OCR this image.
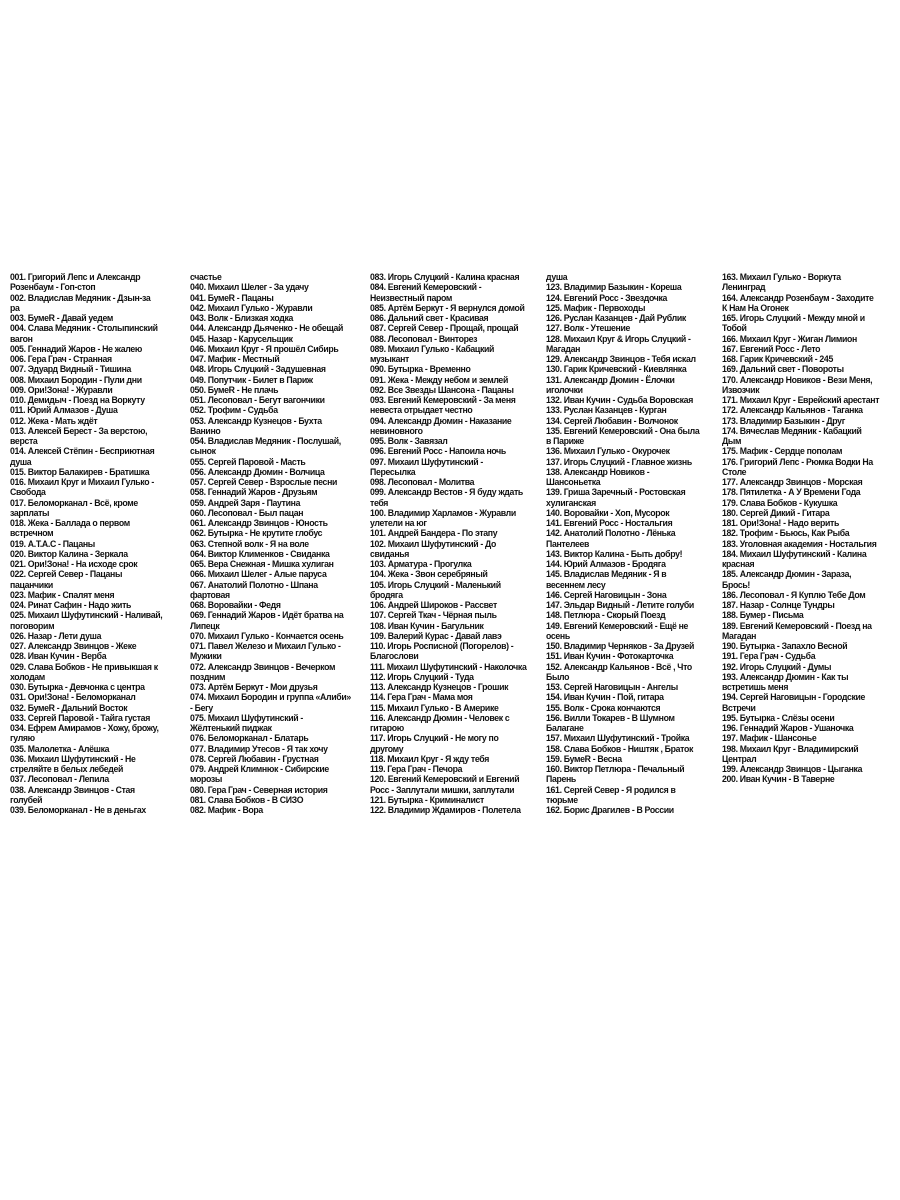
001. Григорий Лепс и Александр
Розенбаум - Гоп-стоп
002. Владислав Медяник - Дзын-за
ра
003. БумеR - Давай уедем
004. Слава Медяник - Столыпинский
вагон
005. Геннадий Жаров - Не жалею
006. Гера Грач - Странная
007. Эдуард Видный - Тишина
008. Михаил Бородин - Пули дни
009. Ори!Зона! - Журавли
010. Демидыч - Поезд на Воркуту
011. Юрий Алмазов - Душа
012. Жека - Мать ждёт
013. Алексей Берест - За верстою,
верста
014. Алексей Стёпин - Бесприютная
душа
015. Виктор Балакирев - Братишка
016. Михаил Круг и Михаил Гулько -
Свобода
017. Беломорканал - Всё, кроме
зарплаты
018. Жека - Баллада о первом
встречном
019. А.Т.А.С - Пацаны
020. Виктор Калина - Зеркала
021. Ори!Зона! - На исходе срок
022. Сергей Север - Пацаны
пацанчики
023. Мафик - Спалят меня
024. Ринат Сафин - Надо жить
025. Михаил Шуфутинский - Наливай,
поговорим
026. Назар - Лети душа
027. Александр Звинцов - Жеке
028. Иван Кучин - Верба
029. Слава Бобков - Не привыкшая к
холодам
030. Бутырка - Девчонка с центра
031. Ори!Зона! - Беломорканал
032. БумеR - Дальний Восток
033. Сергей Паровой - Тайга густая
034. Ефрем Амирамов - Хожу, брожу,
гуляю
035. Малолетка - Алёшка
036. Михаил Шуфутинский - Не
стреляйте в белых лебедей
037. Лесоповал - Лепила
038. Александр Звинцов - Стая
голубей
039. Беломорканал - Не в деньгах
счастье
040. Михаил Шелег - За удачу
041. БумеR - Пацаны
042. Михаил Гулько - Журавли
043. Волк - Близкая ходка
044. Александр Дьяченко - Не обещай
045. Назар - Карусельщик
046. Михаил Круг - Я прошёл Сибирь
047. Мафик - Местный
048. Игорь Слуцкий - Задушевная
049. Попутчик - Билет в Париж
050. БумеR - Не плачь
051. Лесоповал - Бегут вагончики
052. Трофим - Судьба
053. Александр Кузнецов - Бухта
Ванино
054. Владислав Медяник - Послушай,
сынок
055. Сергей Паровой - Масть
056. Александр Дюмин - Волчица
057. Сергей Север - Взрослые песни
058. Геннадий Жаров - Друзьям
059. Андрей Заря - Паутина
060. Лесоповал - Был пацан
061. Александр Звинцов - Юность
062. Бутырка - Не крутите глобус
063. Степной волк - Я на воле
064. Виктор Клименков - Свиданка
065. Вера Снежная - Мишка хулиган
066. Михаил Шелег - Алые паруса
067. Анатолий Полотно - Шпана
фартовая
068. Воровайки - Федя
069. Геннадий Жаров - Идёт братва на
Липецк
070. Михаил Гулько - Кончается осень
071. Павел Железо и Михаил Гулько -
Мужики
072. Александр Звинцов - Вечерком
поздним
073. Артём Беркут - Мои друзья
074. Михаил Бородин и группа «Алиби»
- Бегу
075. Михаил Шуфутинский -
Жёлтенький пиджак
076. Беломорканал - Блатарь
077. Владимир Утесов - Я так хочу
078. Сергей Любавин - Грустная
079. Андрей Климнюк - Сибирские
морозы
080. Гера Грач - Северная история
081. Слава Бобков - В СИЗО
082. Мафик - Вора
083. Игорь Слуцкий - Калина красная
084. Евгений Кемеровский -
Неизвестный паром
085. Артём Беркут - Я вернулся домой
086. Дальний свет - Красивая
087. Сергей Север - Прощай, прощай
088. Лесоповал - Винторез
089. Михаил Гулько - Кабацкий
музыкант
090. Бутырка - Временно
091. Жека - Между небом и землей
092. Все Звезды Шансона - Пацаны
093. Евгений Кемеровский - За меня
невеста отрыдает честно
094. Александр Дюмин - Наказание
невиновного
095. Волк - Завязал
096. Евгений Росс - Напоила ночь
097. Михаил Шуфутинский -
Пересылка
098. Лесоповал - Молитва
099. Александр Вестов - Я буду ждать
тебя
100. Владимир Харламов - Журавли
улетели на юг
101. Андрей Бандера - По этапу
102. Михаил Шуфутинский - До
свиданья
103. Арматура - Прогулка
104. Жека - Звон серебряный
105. Игорь Слуцкий - Маленький
бродяга
106. Андрей Широков - Рассвет
107. Сергей Ткач - Чёрная пыль
108. Иван Кучин - Багульник
109. Валерий Курас - Давай лавэ
110. Игорь Росписной (Погорелов) -
Благослови
111. Михаил Шуфутинский - Наколочка
112. Игорь Слуцкий - Туда
113. Александр Кузнецов - Грошик
114. Гера Грач - Мама моя
115. Михаил Гулько - В Америке
116. Александр Дюмин - Человек с
гитарою
117. Игорь Слуцкий - Не могу по
другому
118. Михаил Круг - Я жду тебя
119. Гера Грач - Печора
120. Евгений Кемеровский и Евгений
Росс - Заплутали мишки, заплутали
121. Бутырка - Криминалист
122. Владимир Ждамиров - Полетела
душа
123. Владимир Базыкин - Кореша
124. Евгений Росс - Звездочка
125. Мафик - Первоходы
126. Руслан Казанцев - Дай Рублик
127. Волк - Утешение
128. Михаил Круг & Игорь Слуцкий -
Магадан
129. Александр Звинцов - Тебя искал
130. Гарик Кричевский - Киевлянка
131. Александр Дюмин - Ёлочки
иголочки
132. Иван Кучин - Судьба Воровская
133. Руслан Казанцев - Курган
134. Сергей Любавин - Волчонок
135. Евгений Кемеровский - Она была
в Париже
136. Михаил Гулько - Окурочек
137. Игорь Слуцкий - Главное жизнь
138. Александр Новиков -
Шансоньетка
139. Гриша Заречный - Ростовская
хулиганская
140. Воровайки - Хоп, Мусорок
141. Евгений Росс - Ностальгия
142. Анатолий Полотно - Лёнька
Пантелеев
143. Виктор Калина - Быть добру!
144. Юрий Алмазов - Бродяга
145. Владислав Медяник - Я в
весеннем лесу
146. Сергей Наговицын - Зона
147. Эльдар Видный - Летите голуби
148. Петлюра - Скорый Поезд
149. Евгений Кемеровский - Ещё не
осень
150. Владимир Черняков - За Друзей
151. Иван Кучин - Фотокарточка
152. Александр Кальянов - Всё , Что
Было
153. Сергей Наговицын - Ангелы
154. Иван Кучин - Пой, гитара
155. Волк - Срока кончаются
156. Вилли Токарев - В Шумном
Балагане
157. Михаил Шуфутинский - Тройка
158. Слава Бобков - Ништяк , Браток
159. БумеR - Весна
160. Виктор Петлюра - Печальный
Парень
161. Сергей Север - Я родился в
тюрьме
162. Борис Драгилев - В России
163. Михаил Гулько - Воркута
Ленинград
164. Александр Розенбаум - Заходите
К Нам На Огонек
165. Игорь Слуцкий - Между мной и
Тобой
166. Михаил Круг - Жиган Лимион
167. Евгений Росс - Лето
168. Гарик Кричевский - 245
169. Дальний свет - Повороты
170. Александр Новиков - Вези Меня,
Извозчик
171. Михаил Круг - Еврейский арестант
172. Александр Кальянов - Таганка
173. Владимир Базыкин - Друг
174. Вячеслав Медяник - Кабацкий
Дым
175. Мафик - Сердце пополам
176. Григорий Лепс - Рюмка Водки На
Столе
177. Александр Звинцов - Морская
178. Пятилетка - А У Времени Года
179. Слава Бобков - Кукушка
180. Сергей Дикий - Гитара
181. Ори!Зона! - Надо верить
182. Трофим - Бьюсь, Как Рыба
183. Уголовная академия - Ностальгия
184. Михаил Шуфутинский - Калина
красная
185. Александр Дюмин - Зараза,
Брось!
186. Лесоповал - Я Куплю Тебе Дом
187. Назар - Солнце Тундры
188. Бумер - Письма
189. Евгений Кемеровский - Поезд на
Магадан
190. Бутырка - Запахло Весной
191. Гера Грач - Судьба
192. Игорь Слуцкий - Думы
193. Александр Дюмин - Как ты
встретишь меня
194. Сергей Наговицын - Городские
Встречи
195. Бутырка - Слёзы осени
196. Геннадий Жаров - Ушаночка
197. Мафик - Шансонье
198. Михаил Круг - Владимирский
Централ
199. Александр Звинцов - Цыганка
200. Иван Кучин - В Таверне
